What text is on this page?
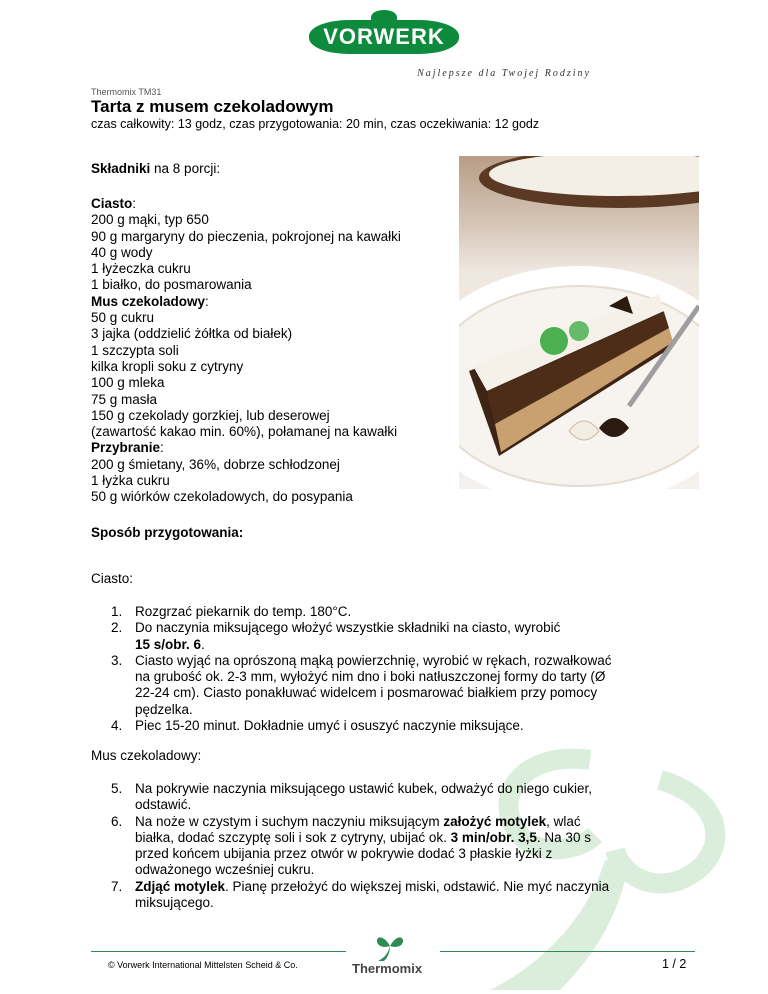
VORWERK
Najlepsze dla Twojej Rodziny
Thermomix TM31
Tarta z musem czekoladowym
czas całkowity: 13 godz, czas przygotowania: 20 min, czas oczekiwania: 12 godz
Składniki na 8 porcji:
Ciasto:
200 g mąki, typ 650
90 g margaryny do pieczenia, pokrojonej na kawałki
40 g wody
1 łyżeczka cukru
1 białko, do posmarowania
Mus czekoladowy:
50 g cukru
3 jajka (oddzielić żółtka od białek)
1 szczypta soli
kilka kropli soku z cytryny
100 g mleka
75 g masła
150 g czekolady gorzkiej, lub deserowej
(zawartość kakao min. 60%), połamanej na kawałki
Przybranie:
200 g śmietany, 36%, dobrze schłodzonej
1 łyżka cukru
50 g wiórków czekoladowych, do posypania
Sposób przygotowania:
Ciasto:
1. Rozgrzać piekarnik do temp. 180°C.
2. Do naczynia miksującego włożyć wszystkie składniki na ciasto, wyrobić
15 s/obr. 6.
3. Ciasto wyjąć na oprószoną mąką powierzchnię, wyrobić w rękach, rozwałkować
na grubość ok. 2-3 mm, wyłożyć nim dno i boki natłuszczonej formy do tarty (Ø
22-24 cm). Ciasto ponakłuwać widelcem i posmarować białkiem przy pomocy
pędzelka.
4. Piec 15-20 minut. Dokładnie umyć i osuszyć naczynie miksujące.
Mus czekoladowy:
5. Na pokrywie naczynia miksującego ustawić kubek, odważyć do niego cukier,
odstawić.
6. Na noże w czystym i suchym naczyniu miksującym założyć motylek, wlać
białka, dodać szczyptę soli i sok z cytryny, ubijać ok. 3 min/obr. 3,5. Na 30 s
przed końcem ubijania przez otwór w pokrywie dodać 3 płaskie łyżki z
odważonego wcześniej cukru.
7. Zdjąć motylek. Pianę przełożyć do większej miski, odstawić. Nie myć naczynia
miksującego.
© Vorwerk International Mittelsten Scheid & Co.	Thermomix	1 / 2
